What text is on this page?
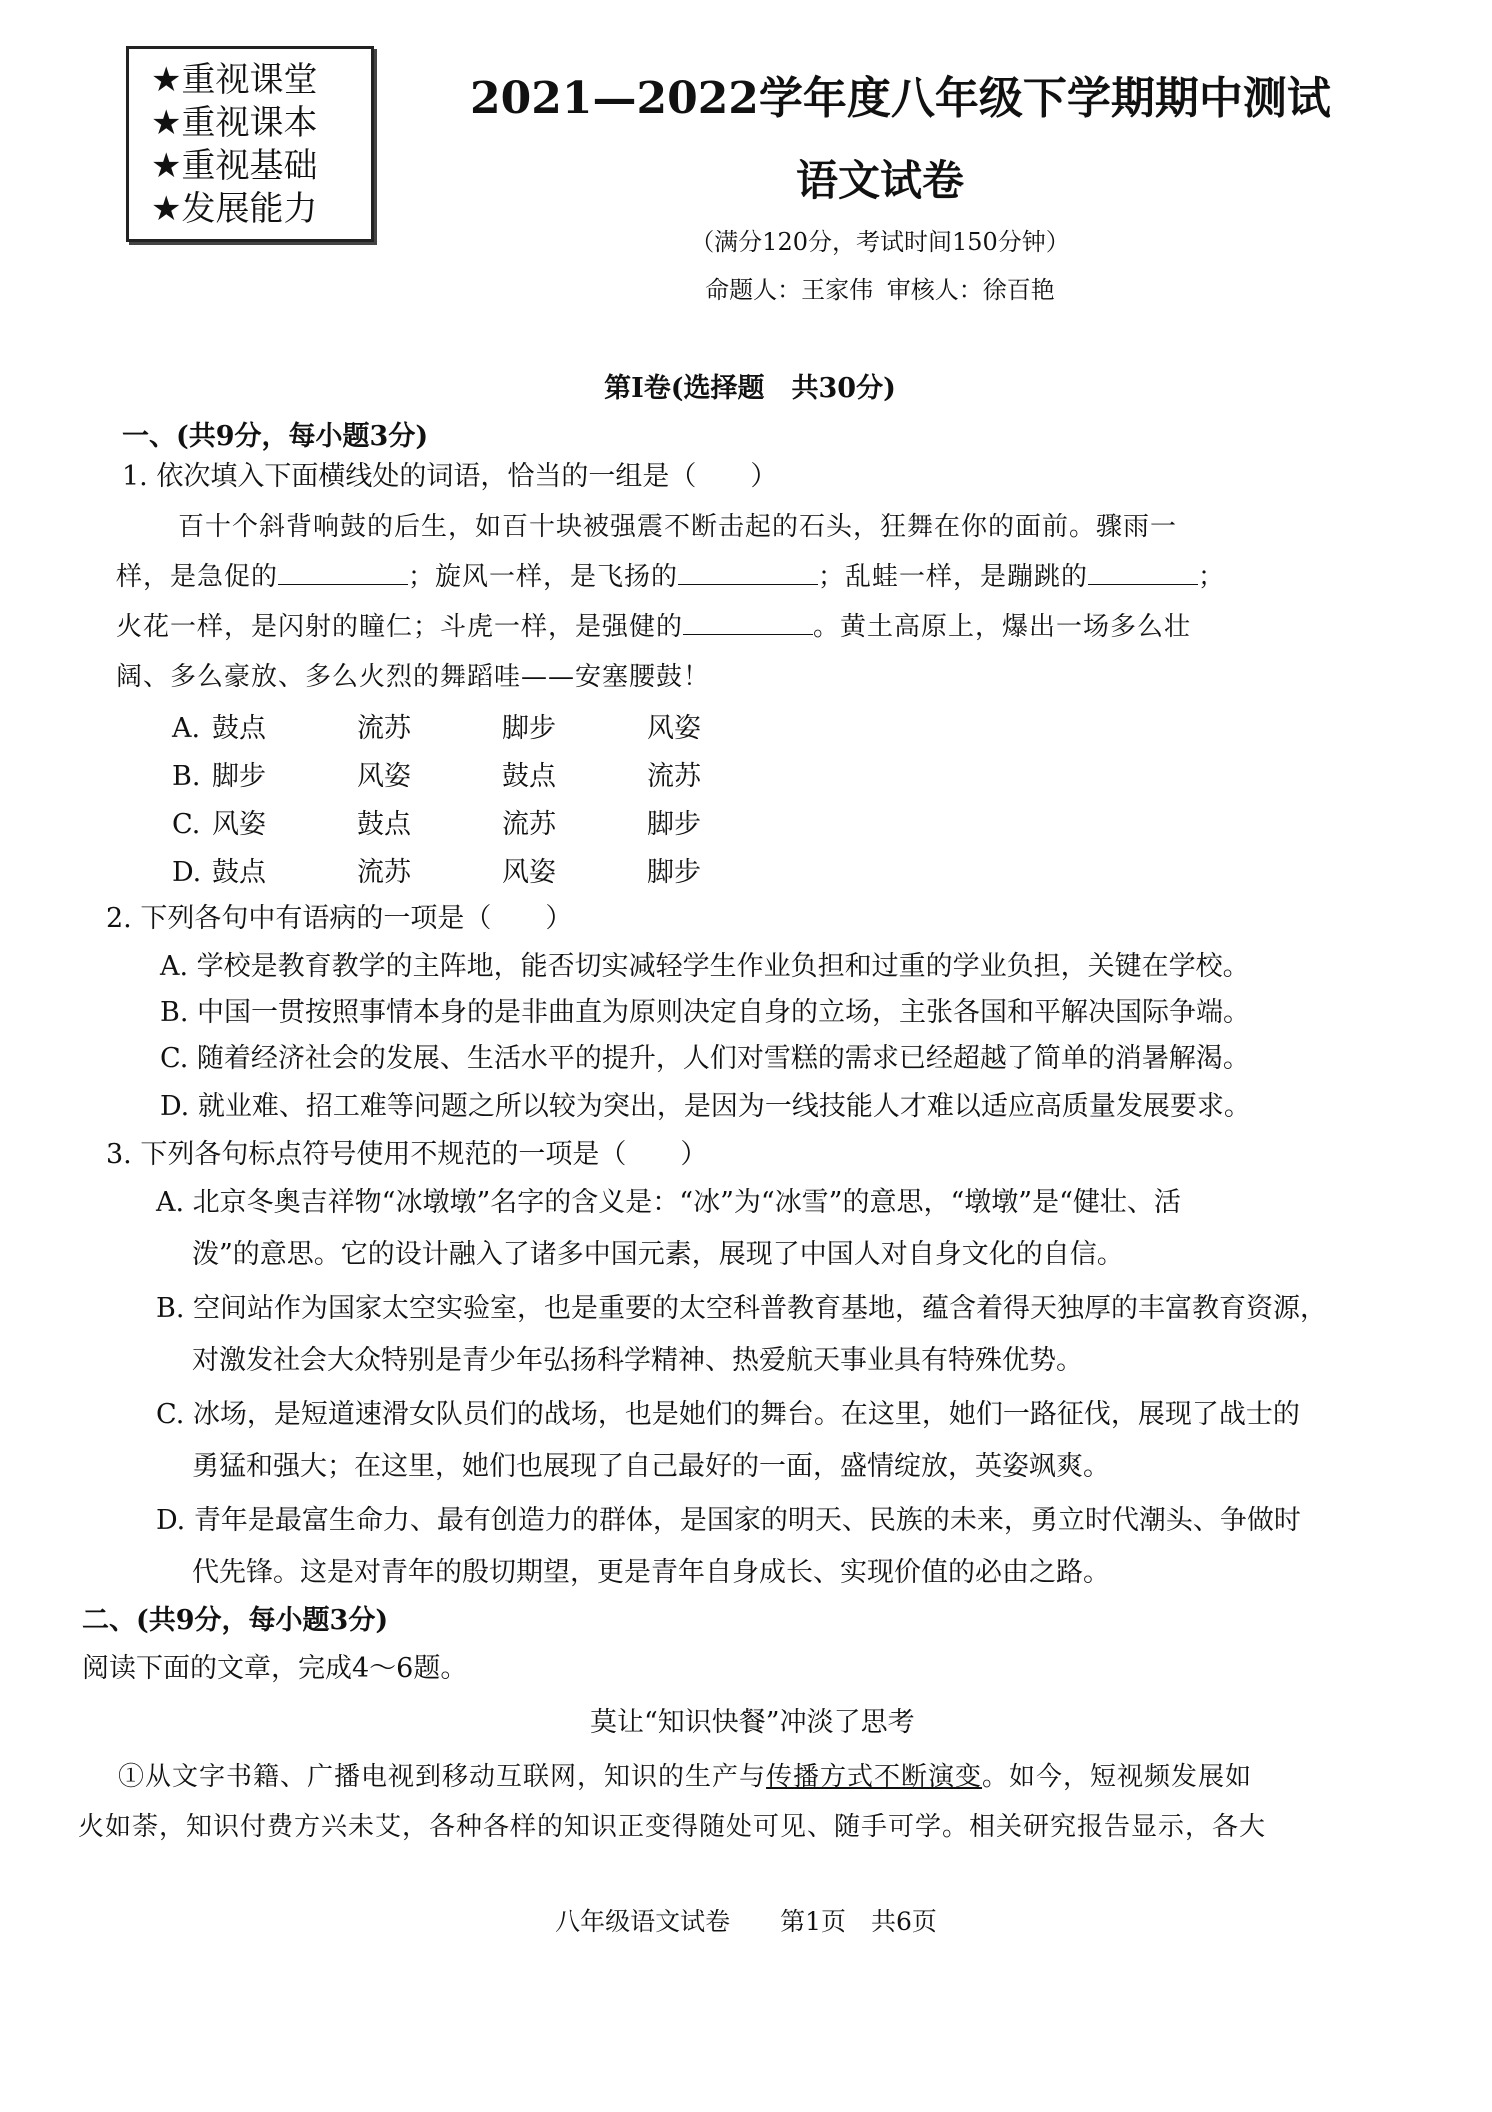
★重视课堂
★重视课本
★重视基础
★发展能力
2021—2022学年度八年级下学期期中测试
语文试卷
（满分120分，考试时间150分钟）
命题人：王家伟 审核人：徐百艳
第Ⅰ卷(选择题　共30分)
一、(共9分，每小题3分)
1. 依次填入下面横线处的词语，恰当的一组是（　　）
百十个斜背响鼓的后生，如百十块被强震不断击起的石头，狂舞在你的面前。骤雨一
样，是急促的	；旋风一样，是飞扬的	；乱蛙一样，是蹦跳的	；
火花一样，是闪射的瞳仁；斗虎一样，是强健的	。黄土高原上，爆出一场多么壮
阔、多么豪放、多么火烈的舞蹈哇——安塞腰鼓！
A. 鼓点	流苏	脚步	风姿
B. 脚步	风姿	鼓点	流苏
C. 风姿	鼓点	流苏	脚步
D. 鼓点	流苏	风姿	脚步
2. 下列各句中有语病的一项是（　　）
A. 学校是教育教学的主阵地，能否切实减轻学生作业负担和过重的学业负担，关键在学校。
B. 中国一贯按照事情本身的是非曲直为原则决定自身的立场，主张各国和平解决国际争端。
C. 随着经济社会的发展、生活水平的提升，人们对雪糕的需求已经超越了简单的消暑解渴。
D. 就业难、招工难等问题之所以较为突出，是因为一线技能人才难以适应高质量发展要求。
3. 下列各句标点符号使用不规范的一项是（　　）
A. 北京冬奥吉祥物“冰墩墩”名字的含义是：“冰”为“冰雪”的意思，“墩墩”是“健壮、活
泼”的意思。它的设计融入了诸多中国元素，展现了中国人对自身文化的自信。
B. 空间站作为国家太空实验室，也是重要的太空科普教育基地，蕴含着得天独厚的丰富教育资源，
对激发社会大众特别是青少年弘扬科学精神、热爱航天事业具有特殊优势。
C. 冰场，是短道速滑女队员们的战场，也是她们的舞台。在这里，她们一路征伐，展现了战士的
勇猛和强大；在这里，她们也展现了自己最好的一面，盛情绽放，英姿飒爽。
D. 青年是最富生命力、最有创造力的群体，是国家的明天、民族的未来，勇立时代潮头、争做时
代先锋。这是对青年的殷切期望，更是青年自身成长、实现价值的必由之路。
二、(共9分，每小题3分)
阅读下面的文章，完成4～6题。
莫让“知识快餐”冲淡了思考
①从文字书籍、广播电视到移动互联网，知识的生产与传播方式不断演变。如今，短视频发展如
火如荼，知识付费方兴未艾，各种各样的知识正变得随处可见、随手可学。相关研究报告显示，各大
八年级语文试卷　　第1页　共6页
